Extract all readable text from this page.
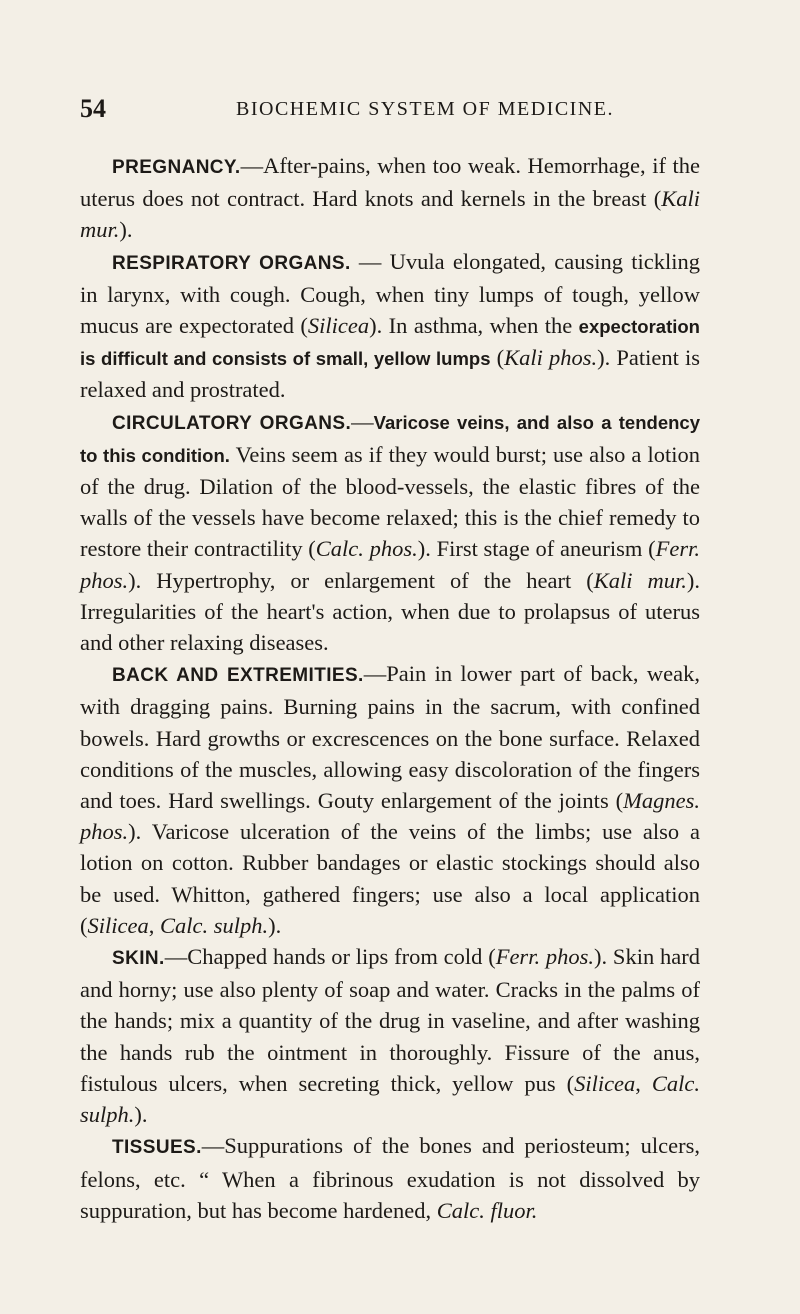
54	BIOCHEMIC SYSTEM OF MEDICINE.

PREGNANCY.—After-pains, when too weak. Hemorrhage, if the uterus does not contract. Hard knots and kernels in the breast (Kali mur.).

RESPIRATORY ORGANS. — Uvula elongated, causing tickling in larynx, with cough. Cough, when tiny lumps of tough, yellow mucus are expectorated (Silicea). In asthma, when the expectoration is difficult and consists of small, yellow lumps (Kali phos.). Patient is relaxed and prostrated.

CIRCULATORY ORGANS.—Varicose veins, and also a tendency to this condition. Veins seem as if they would burst; use also a lotion of the drug. Dilation of the blood-vessels, the elastic fibres of the walls of the vessels have become relaxed; this is the chief remedy to restore their contractility (Calc. phos.). First stage of aneurism (Ferr. phos.). Hypertrophy, or enlargement of the heart (Kali mur.). Irregularities of the heart's action, when due to prolapsus of uterus and other relaxing diseases.

BACK AND EXTREMITIES.—Pain in lower part of back, weak, with dragging pains. Burning pains in the sacrum, with confined bowels. Hard growths or excrescences on the bone surface. Relaxed conditions of the muscles, allowing easy discoloration of the fingers and toes. Hard swellings. Gouty enlargement of the joints (Magnes. phos.). Varicose ulceration of the veins of the limbs; use also a lotion on cotton. Rubber bandages or elastic stockings should also be used. Whitton, gathered fingers; use also a local application (Silicea, Calc. sulph.).

SKIN.—Chapped hands or lips from cold (Ferr. phos.). Skin hard and horny; use also plenty of soap and water. Cracks in the palms of the hands; mix a quantity of the drug in vaseline, and after washing the hands rub the ointment in thoroughly. Fissure of the anus, fistulous ulcers, when secreting thick, yellow pus (Silicea, Calc. sulph.).

TISSUES.—Suppurations of the bones and periosteum; ulcers, felons, etc. “ When a fibrinous exudation is not dissolved by suppuration, but has become hardened, Calc. fluor.
